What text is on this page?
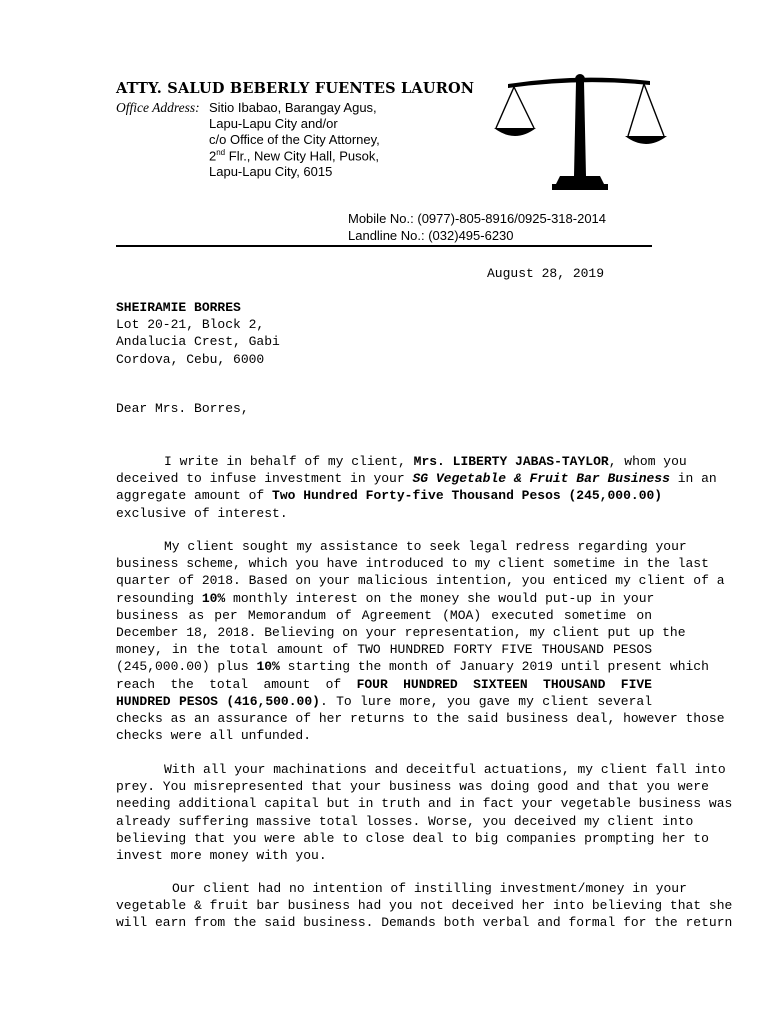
ATTY. SALUD BEBERLY FUENTES LAURON
Office Address: Sitio Ibabao, Barangay Agus,
Lapu-Lapu City and/or
c/o Office of the City Attorney,
2nd Flr., New City Hall, Pusok,
Lapu-Lapu City, 6015
Mobile No.: (0977)-805-8916/0925-318-2014
Landline No.: (032)495-6230
August 28, 2019
SHEIRAMIE BORRES
Lot 20-21, Block 2,
Andalucia Crest, Gabi
Cordova, Cebu, 6000
Dear Mrs. Borres,
I write in behalf of my client, Mrs. LIBERTY JABAS-TAYLOR, whom you
deceived to infuse investment in your SG Vegetable & Fruit Bar Business in an
aggregate amount of Two Hundred Forty-five Thousand Pesos (245,000.00)
exclusive of interest.
My client sought my assistance to seek legal redress regarding your
business scheme, which you have introduced to my client sometime in the last
quarter of 2018. Based on your malicious intention, you enticed my client of a
resounding 10% monthly interest on the money she would put-up in your
business as per Memorandum of Agreement (MOA) executed sometime on
December 18, 2018. Believing on your representation, my client put up the
money, in the total amount of TWO HUNDRED FORTY FIVE THOUSAND PESOS
(245,000.00) plus 10% starting the month of January 2019 until present which
reach the total amount of FOUR HUNDRED SIXTEEN THOUSAND FIVE
HUNDRED PESOS (416,500.00). To lure more, you gave my client several
checks as an assurance of her returns to the said business deal, however those
checks were all unfunded.
With all your machinations and deceitful actuations, my client fall into
prey. You misrepresented that your business was doing good and that you were
needing additional capital but in truth and in fact your vegetable business was
already suffering massive total losses. Worse, you deceived my client into
believing that you were able to close deal to big companies prompting her to
invest more money with you.
Our client had no intention of instilling investment/money in your
vegetable & fruit bar business had you not deceived her into believing that she
will earn from the said business. Demands both verbal and formal for the return
